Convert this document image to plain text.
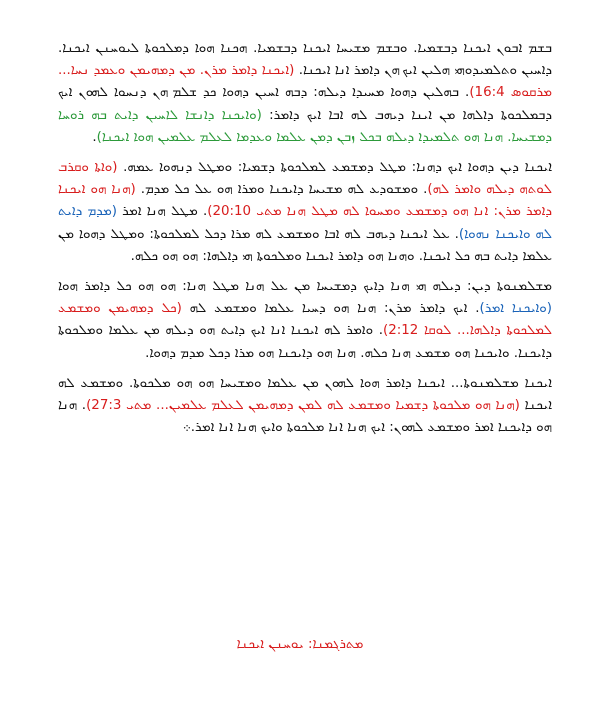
ܒܫܡ ܐܒܘܢ ܐܝܟܢܐ ܕܒܫܡܝܐ. ܘܒܫܡ ܡܫܝܚܐ ܐܝܟܢܐ ܕܒܫܡܝܐ. ܗܟܢܐ ܗܘܐ ܕܡܠܟܘܬܐ ܠܝܘܚܢܢ ܐܝܟܢܐ. ܕܐܚܝܢ ܘܬܠܡܝܕܘܗܝ ܗܠܝܢ ܐܝܟ ܗܢ ܕܐܡܪ ܐܢܐ ܐܝܟܢܐ. (ܐܝܟܢܐ ܕܐܡܪ ܡܪܢ. ܡܢ ܕܡܗܝܡܢ ܘܥܡܕ ܢܚܐ... ܡܪܩܘܣ 16:4). ܒܗܠܝܢ ܕܗܘܐ ܡܚܝܕܐ ܕܝܠܗ: ܕܒܗ ܐܚܝܢ ܕܗܘܐ ܟܕ ܫܠܡ ܗܢ ܕܢܚܘܐ ܠܗܘܢ ܐܝܟ ܕܒܡܠܟܘܬܐ ܕܐܠܗܐ ܡܢ ܐܝܢܐ ܕܝܗܒ ܠܗ ܐܒܐ ܐܝܟ ܕܐܡܪ: (ܘܐܝܟܢܐ ܕܐܢܫܐ ܠܐܚܝܢ ܕܐܝܬ ܒܗ ܪܘܚܐ ܕܡܫܝܚܐ. ܗܢܐ ܗܘ ܬܠܡܝܕܐ ܕܝܠܗ ܒܟܠ ܙܒܢ ܕܡܢ ܥܠܡܐ ܘܥܕܡܐ ܠܥܠܡ ܥܠܡܝܢ ܗܘܐ ܐܝܟܢܐ).

ܐܝܟܢܐ ܕܝܢ ܕܗܘܐ ܐܝܟ ܕܗܢܐ: ܡܛܠ ܕܡܫܡܥ ܠܡܠܟܘܬܐ ܕܫܡܝܐ: ܘܡܛܠ ܕܢܗܘܐ ܥܡܗ. (ܘܐܬܐ ܘܩܪܒ ܠܘܬܗ ܕܝܠܗ ܘܐܡܪ ܠܗ). ܘܡܫܘܕܥ ܠܗ ܡܫܝܚܐ ܕܐܝܟܢܐ ܘܡܪܐ ܗܘ ܥܠ ܟܠ ܡܕܡ. (ܗܢܐ ܗܘ ܐܝܟܢܐ ܕܐܡܪ ܡܪܢ: ܐܢܐ ܗܘ ܕܡܫܡܥ ܘܡܚܘܐ ܠܗ ܡܛܠ ܗܢܐ ܡܬܝ 20:10). ܡܛܠ ܗܢܐ ܐܡܪ (ܡܕܡ ܕܐܝܬ ܠܗ ܘܐܝܟܢܐ ܢܗܘܐ). ܥܠ ܐܝܟܢܐ ܕܝܗܒ ܠܗ ܐܒܐ ܘܡܫܡܥ ܠܗ ܡܪܐ ܕܟܠ ܠܡܠܟܘܬܐ: ܘܡܛܠ ܕܗܘܐ ܡܢ ܥܠܡܐ ܕܐܝܬ ܒܗ ܟܠ ܐܝܟܢܐ. ܘܗܢܐ ܗܘ ܕܐܡܪ ܐܝܟܢܐ ܘܡܠܟܘܬܐ ܗܝ ܕܐܠܗܐ: ܗܘ ܗܘ ܟܠܗ.

ܡܫܠܡܢܘܬܐ ܕܝܢ: ܕܝܠܗ ܗܝ ܗܢܐ ܕܐܝܟ ܕܡܫܝܚܐ ܡܢ ܥܠ ܗܢܐ ܡܛܠ ܗܢܐ: ܗܘ ܗܘ ܟܠ ܕܐܡܪ ܗܘܐ (ܘܐܝܟܢܐ ܐܡܪ). ܐܝܟ ܕܐܡܪ ܡܪܢ: ܗܢܐ ܗܘ ܕܚܝܐ ܥܠܡܐ ܘܡܫܡܥ ܠܗ (ܟܠ ܕܡܗܝܡܢ ܘܡܫܡܥ ܠܡܠܟܘܬܐ ܕܐܠܗܐ... ܠܘܩܐ 2:12). ܘܐܡܪ ܠܗ ܐܝܟܢܐ ܐܢܐ ܐܝܟ ܕܐܝܬ ܗܘ ܕܝܠܗ ܡܢ ܥܠܡܐ ܘܡܠܟܘܬܐ ܕܐܝܟܢܐ. ܘܐܝܟܢܐ ܗܘ ܡܫܡܥ ܗܢܐ ܟܠܗ. ܗܢܐ ܗܘ ܕܐܝܟܢܐ ܗܘ ܡܪܐ ܕܟܠ ܡܕܡ ܕܗܘܐ.

ܐܝܟܢܐ ܡܫܠܡܢܘܬܐ... ܐܝܟܢܐ ܕܐܡܪ ܗܘܐ ܠܗܘܢ ܡܢ ܥܠܡܐ ܘܡܫܝܚܐ ܗܘ ܗܘ ܡܠܟܘܬܐ. ܘܡܫܡܥ ܠܗ ܐܝܟܢܐ (ܗܢܐ ܗܘ ܡܠܟܘܬܐ ܕܫܡܝܐ ܘܡܫܡܥ ܠܗ ܠܡܢ ܕܡܗܝܡܢ ܠܥܠܡ ܥܠܡܝܢ... ܡܬܝ 27:3). ܗܢܐ ܗܘ ܕܐܝܟܢܐ ܐܡܪ ܘܡܫܡܥ ܠܗܘܢ: ܐܝܟ ܗܢܐ ܐܢܐ ܡܠܟܘܬܐ ܘܐܝܟ ܗܢܐ ܐܢܐ ܐܡܪ.܀

ܡܬܪܓܡܢܐ: ܝܘܚܢܢ ܐܝܟܢܐ
